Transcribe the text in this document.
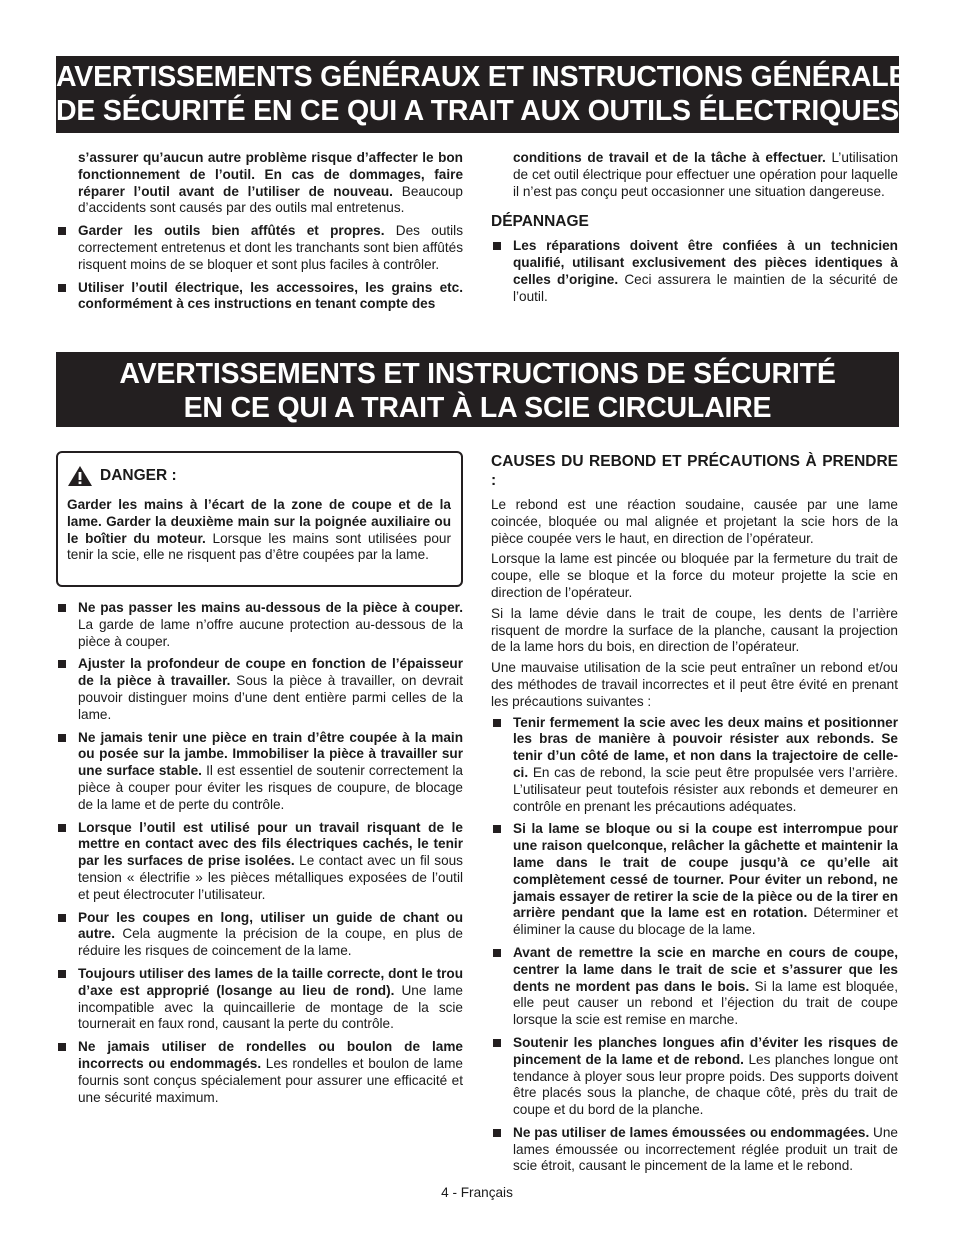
AVERTISSEMENTS GÉNÉRAUX ET INSTRUCTIONS GÉNÉRALES
DE SÉCURITÉ EN CE QUI A TRAIT AUX OUTILS ÉLECTRIQUES
s’assurer qu’aucun autre problème risque d’affecter le bon fonctionnement de l’outil. En cas de dommages, faire réparer l’outil avant de l’utiliser de nouveau. Beaucoup d’accidents sont causés par des outils mal entretenus.
Garder les outils bien affûtés et propres. Des outils correctement entretenus et dont les tranchants sont bien affûtés risquent moins de se bloquer et sont plus faciles à contrôler.
Utiliser l’outil électrique, les accessoires, les grains etc. conformément à ces instructions en tenant compte des
conditions de travail et de la tâche à effectuer. L’utilisation de cet outil électrique pour effectuer une opération pour laquelle il n’est pas conçu peut occasionner une situation dangereuse.
DÉPANNAGE
Les réparations doivent être confiées à un technicien qualifié, utilisant exclusivement des pièces identiques à celles d’origine. Ceci assurera le maintien de la sécurité de l’outil.
AVERTISSEMENTS ET INSTRUCTIONS DE SÉCURITÉ
EN CE QUI A TRAIT À LA SCIE CIRCULAIRE
DANGER :
Garder les mains à l’écart de la zone de coupe et de la lame. Garder la deuxième main sur la poignée auxiliaire ou le boîtier du moteur. Lorsque les mains sont utilisées pour tenir la scie, elle ne risquent pas d’être coupées par la lame.
Ne pas passer les mains au-dessous de la pièce à couper. La garde de lame n’offre aucune protection au-dessous de la pièce à couper.
Ajuster la profondeur de coupe en fonction de l’épaisseur de la pièce à travailler. Sous la pièce à travailler, on devrait pouvoir distinguer moins d’une dent entière parmi celles de la lame.
Ne jamais tenir une pièce en train d’être coupée à la main ou posée sur la jambe. Immobiliser la pièce à travailler sur une surface stable. Il est essentiel de soutenir correctement la pièce à couper pour éviter les risques de coupure, de blocage de la lame et de perte du contrôle.
Lorsque l’outil est utilisé pour un travail risquant de le mettre en contact avec des fils électriques cachés, le tenir par les surfaces de prise isolées. Le contact avec un fil sous tension « électrifie » les pièces métalliques exposées de l’outil et peut électrocuter l’utilisateur.
Pour les coupes en long, utiliser un guide de chant ou autre. Cela augmente la précision de la coupe, en plus de réduire les risques de coincement de la lame.
Toujours utiliser des lames de la taille correcte, dont le trou d’axe est approprié (losange au lieu de rond). Une lame incompatible avec la quincaillerie de montage de la scie tournerait en faux rond, causant la perte du contrôle.
Ne jamais utiliser de rondelles ou boulon de lame incorrects ou endommagés. Les rondelles et boulon de lame fournis sont conçus spécialement pour assurer une efficacité et une sécurité maximum.
CAUSES DU REBOND ET PRÉCAUTIONS À PRENDRE :

Le rebond est une réaction soudaine, causée par une lame coincée, bloquée ou mal alignée et projetant la scie hors de la pièce coupée vers le haut, en direction de l’opérateur.

Lorsque la lame est pincée ou bloquée par la fermeture du trait de coupe, elle se bloque et la force du moteur projette la scie en direction de l’opérateur.

Si la lame dévie dans le trait de coupe, les dents de l’arrière risquent de mordre la surface de la planche, causant la projection de la lame hors du bois, en direction de l’opérateur.

Une mauvaise utilisation de la scie peut entraîner un rebond et/ou des méthodes de travail incorrectes et il peut être évité en prenant les précautions suivantes :

Tenir fermement la scie avec les deux mains et positionner les bras de manière à pouvoir résister aux rebonds. Se tenir d’un côté de lame, et non dans la trajectoire de celle-ci. En cas de rebond, la scie peut être propulsée vers l’arrière. L’utilisateur peut toutefois résister aux rebonds et demeurer en contrôle en prenant les précautions adéquates.
Si la lame se bloque ou si la coupe est interrompue pour une raison quelconque, relâcher la gâchette et maintenir la lame dans le trait de coupe jusqu’à ce qu’elle ait complètement cessé de tourner. Pour éviter un rebond, ne jamais essayer de retirer la scie de la pièce ou de la tirer en arrière pendant que la lame est en rotation. Déterminer et éliminer la cause du blocage de la lame.
Avant de remettre la scie en marche en cours de coupe, centrer la lame dans le trait de scie et s’assurer que les dents ne mordent pas dans le bois. Si la lame est bloquée, elle peut causer un rebond et l’éjection du trait de coupe lorsque la scie est remise en marche.
Soutenir les planches longues afin d’éviter les risques de pincement de la lame et de rebond. Les planches longue ont tendance à ployer sous leur propre poids. Des supports doivent être placés sous la planche, de chaque côté, près du trait de coupe et du bord de la planche.
Ne pas utiliser de lames émoussées ou endommagées. Une lames émoussée ou incorrectement réglée produit un trait de scie étroit, causant le pincement de la lame et le rebond.
4 - Français
